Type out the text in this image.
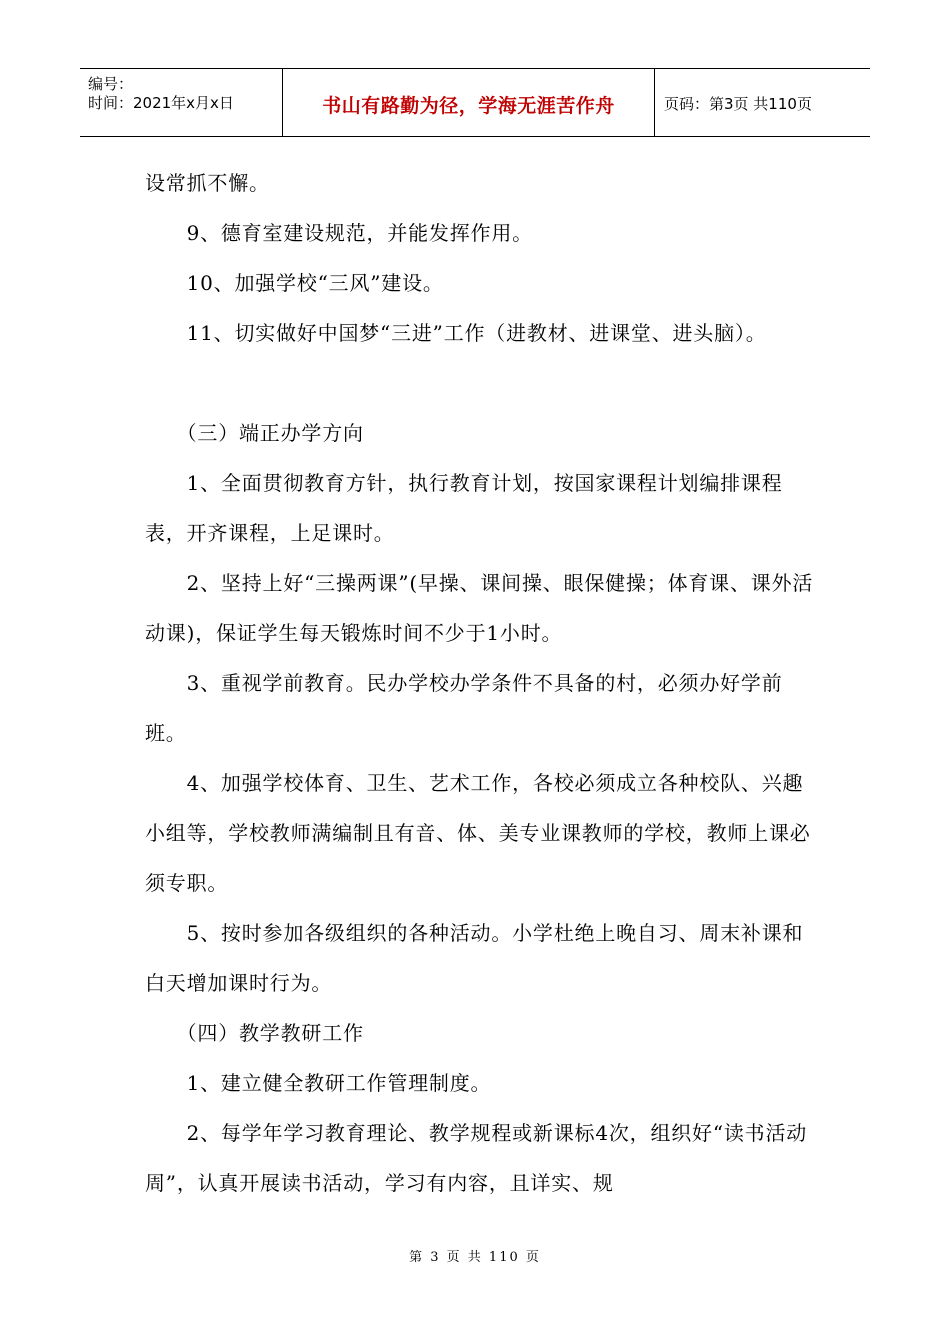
编号：
时间：2021年x月x日	书山有路勤为径，学海无涯苦作舟	页码：第3页 共110页

设常抓不懈。

　　9、德育室建设规范，并能发挥作用。

　　10、加强学校“三风”建设。

　　11、切实做好中国梦“三进”工作（进教材、进课堂、进头脑）。

　　（三）端正办学方向

　　1、全面贯彻教育方针，执行教育计划，按国家课程计划编排课程表，开齐课程，上足课时。

　　2、坚持上好“三操两课”(早操、课间操、眼保健操；体育课、课外活动课)，保证学生每天锻炼时间不少于1小时。

　　3、重视学前教育。民办学校办学条件不具备的村，必须办好学前班。

　　4、加强学校体育、卫生、艺术工作，各校必须成立各种校队、兴趣小组等，学校教师满编制且有音、体、美专业课教师的学校，教师上课必须专职。

　　5、按时参加各级组织的各种活动。小学杜绝上晚自习、周末补课和白天增加课时行为。

　　（四）教学教研工作

　　1、建立健全教研工作管理制度。

　　2、每学年学习教育理论、教学规程或新课标4次，组织好“读书活动周”，认真开展读书活动，学习有内容，且详实、规

第 3 页 共 110 页
